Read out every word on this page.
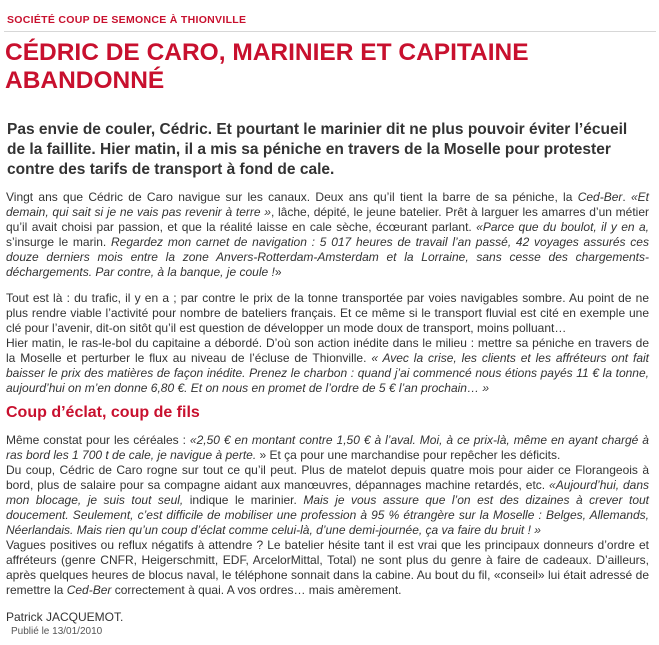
SOCIÉTÉ COUP DE SEMONCE À THIONVILLE
CÉDRIC DE CARO, MARINIER ET CAPITAINE ABANDONNÉ

Pas envie de couler, Cédric. Et pourtant le marinier dit ne plus pouvoir éviter l’écueil de la faillite. Hier matin, il a mis sa péniche en travers de la Moselle pour protester contre des tarifs de transport à fond de cale.

Vingt ans que Cédric de Caro navigue sur les canaux. Deux ans qu’il tient la barre de sa péniche, la Ced-Ber. «Et demain, qui sait si je ne vais pas revenir à terre », lâche, dépité, le jeune batelier. Prêt à larguer les amarres d’un métier qu’il avait choisi par passion, et que la réalité laisse en cale sèche, écœurant parlant. «Parce que du boulot, il y en a, s’insurge le marin. Regardez mon carnet de navigation : 5 017 heures de travail l’an passé, 42 voyages assurés ces douze derniers mois entre la zone Anvers-Rotterdam-Amsterdam et la Lorraine, sans cesse des chargements-déchargements. Par contre, à la banque, je coule !»

Tout est là : du trafic, il y en a ; par contre le prix de la tonne transportée par voies navigables sombre. Au point de ne plus rendre viable l’activité pour nombre de bateliers français. Et ce même si le transport fluvial est cité en exemple une clé pour l’avenir, dit-on sitôt qu’il est question de développer un mode doux de transport, moins polluant…
Hier matin, le ras-le-bol du capitaine a débordé. D’où son action inédite dans le milieu : mettre sa péniche en travers de la Moselle et perturber le flux au niveau de l’écluse de Thionville. « Avec la crise, les clients et les affréteurs ont fait baisser le prix des matières de façon inédite. Prenez le charbon : quand j’ai commencé nous étions payés 11 € la tonne, aujourd’hui on m’en donne 6,80 €. Et on nous en promet de l’ordre de 5 € l’an prochain… »

Coup d’éclat, coup de fils

Même constat pour les céréales : «2,50 € en montant contre 1,50 € à l’aval. Moi, à ce prix-là, même en ayant chargé à ras bord les 1 700 t de cale, je navigue à perte. » Et ça pour une marchandise pour repêcher les déficits.
Du coup, Cédric de Caro rogne sur tout ce qu’il peut. Plus de matelot depuis quatre mois pour aider ce Florangeois à bord, plus de salaire pour sa compagne aidant aux manœuvres, dépannages machine retardés, etc. «Aujourd’hui, dans mon blocage, je suis tout seul, indique le marinier. Mais je vous assure que l’on est des dizaines à crever tout doucement. Seulement, c’est difficile de mobiliser une profession à 95 % étrangère sur la Moselle : Belges, Allemands, Néerlandais. Mais rien qu’un coup d’éclat comme celui-là, d’une demi-journée, ça va faire du bruit ! »
Vagues positives ou reflux négatifs à attendre ? Le batelier hésite tant il est vrai que les principaux donneurs d’ordre et affréteurs (genre CNFR, Heigerschmitt, EDF, ArcelorMittal, Total) ne sont plus du genre à faire de cadeaux. D’ailleurs, après quelques heures de blocus naval, le téléphone sonnait dans la cabine. Au bout du fil, «conseil» lui était adressé de remettre la Ced-Ber correctement à quai. A vos ordres… mais amèrement.

Patrick JACQUEMOT.
Publié le 13/01/2010
